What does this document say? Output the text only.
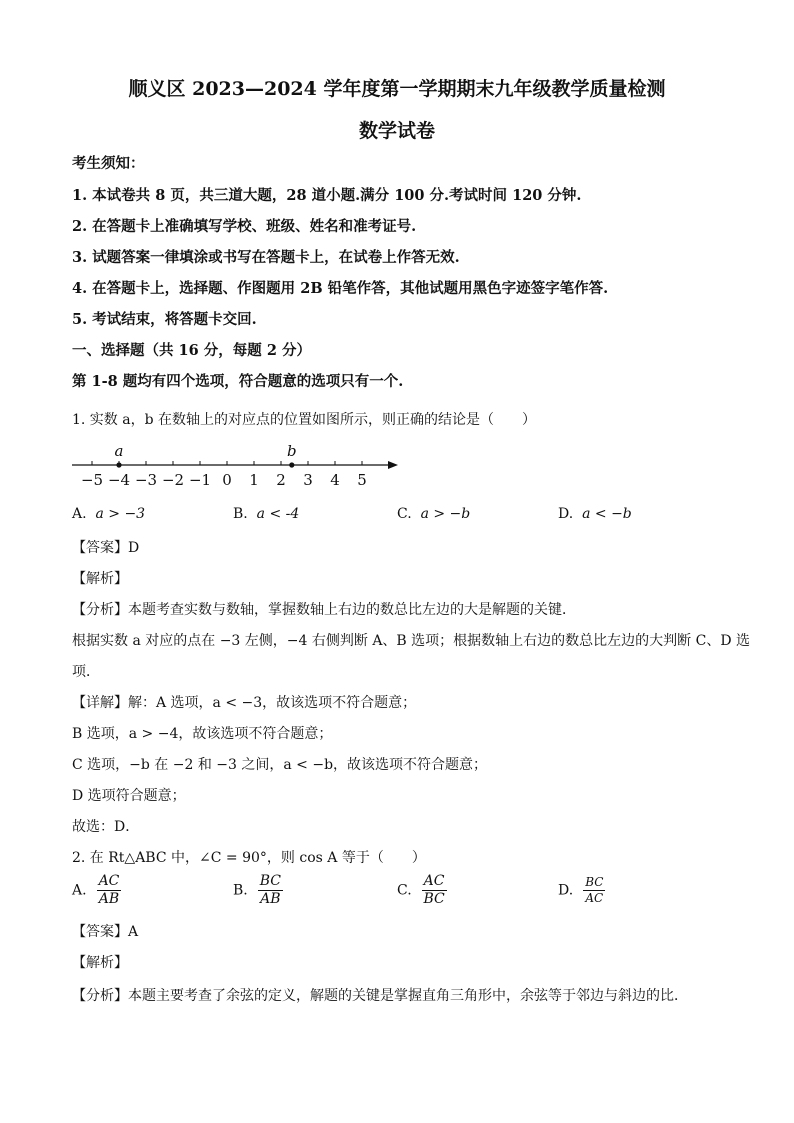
顺义区 2023—2024 学年度第一学期期末九年级教学质量检测
数学试卷
考生须知：
1. 本试卷共 8 页，共三道大题，28 道小题.满分 100 分.考试时间 120 分钟.
2. 在答题卡上准确填写学校、班级、姓名和准考证号.
3. 试题答案一律填涂或书写在答题卡上，在试卷上作答无效.
4. 在答题卡上，选择题、作图题用 2B 铅笔作答，其他试题用黑色字迹签字笔作答.
5. 考试结束，将答题卡交回.
一、选择题（共 16 分，每题 2 分）
第 1-8 题均有四个选项，符合题意的选项只有一个.
1. 实数 a，b 在数轴上的对应点的位置如图所示，则正确的结论是（　　）
−5 −4 −3 −2 −1 0 1 2 3 4 5
a	b
A. a > −3	B. a < -4	C. a > −b	D. a < −b
【答案】D
【解析】
【分析】本题考查实数与数轴，掌握数轴上右边的数总比左边的大是解题的关键．
根据实数 a 对应的点在 −3 左侧，−4 右侧判断 A、B 选项；根据数轴上右边的数总比左边的大判断 C、D 选
项．
【详解】解：A 选项，a < −3，故该选项不符合题意；
B 选项，a > −4，故该选项不符合题意；
C 选项，−b 在 −2 和 −3 之间，a < −b，故该选项不符合题意；
D 选项符合题意；
故选：D．
2. 在 Rt△ABC 中，∠C = 90°，则 cos A 等于（　　）
A. $\frac{AC}{AB}$	B. $\frac{BC}{AB}$	C. $\frac{AC}{BC}$	D. $\frac{BC}{AC}$
【答案】A
【解析】
【分析】本题主要考查了余弦的定义，解题的关键是掌握直角三角形中，余弦等于邻边与斜边的比．
